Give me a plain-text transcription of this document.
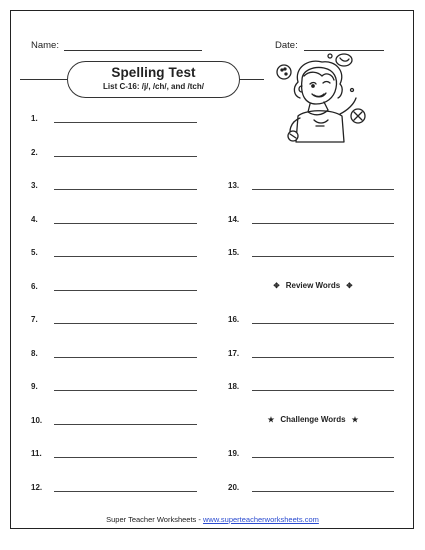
Name:	Date:
Spelling Test
List C-16: /j/, /ch/, and /tch/
1.
2.
3.
4.
5.
6.
7.
8.
9.
10.
11.
12.
13.
14.
15.
✥ Review Words ✥
16.
17.
18.
★ Challenge Words ★
19.
20.
Super Teacher Worksheets - www.superteacherworksheets.com
